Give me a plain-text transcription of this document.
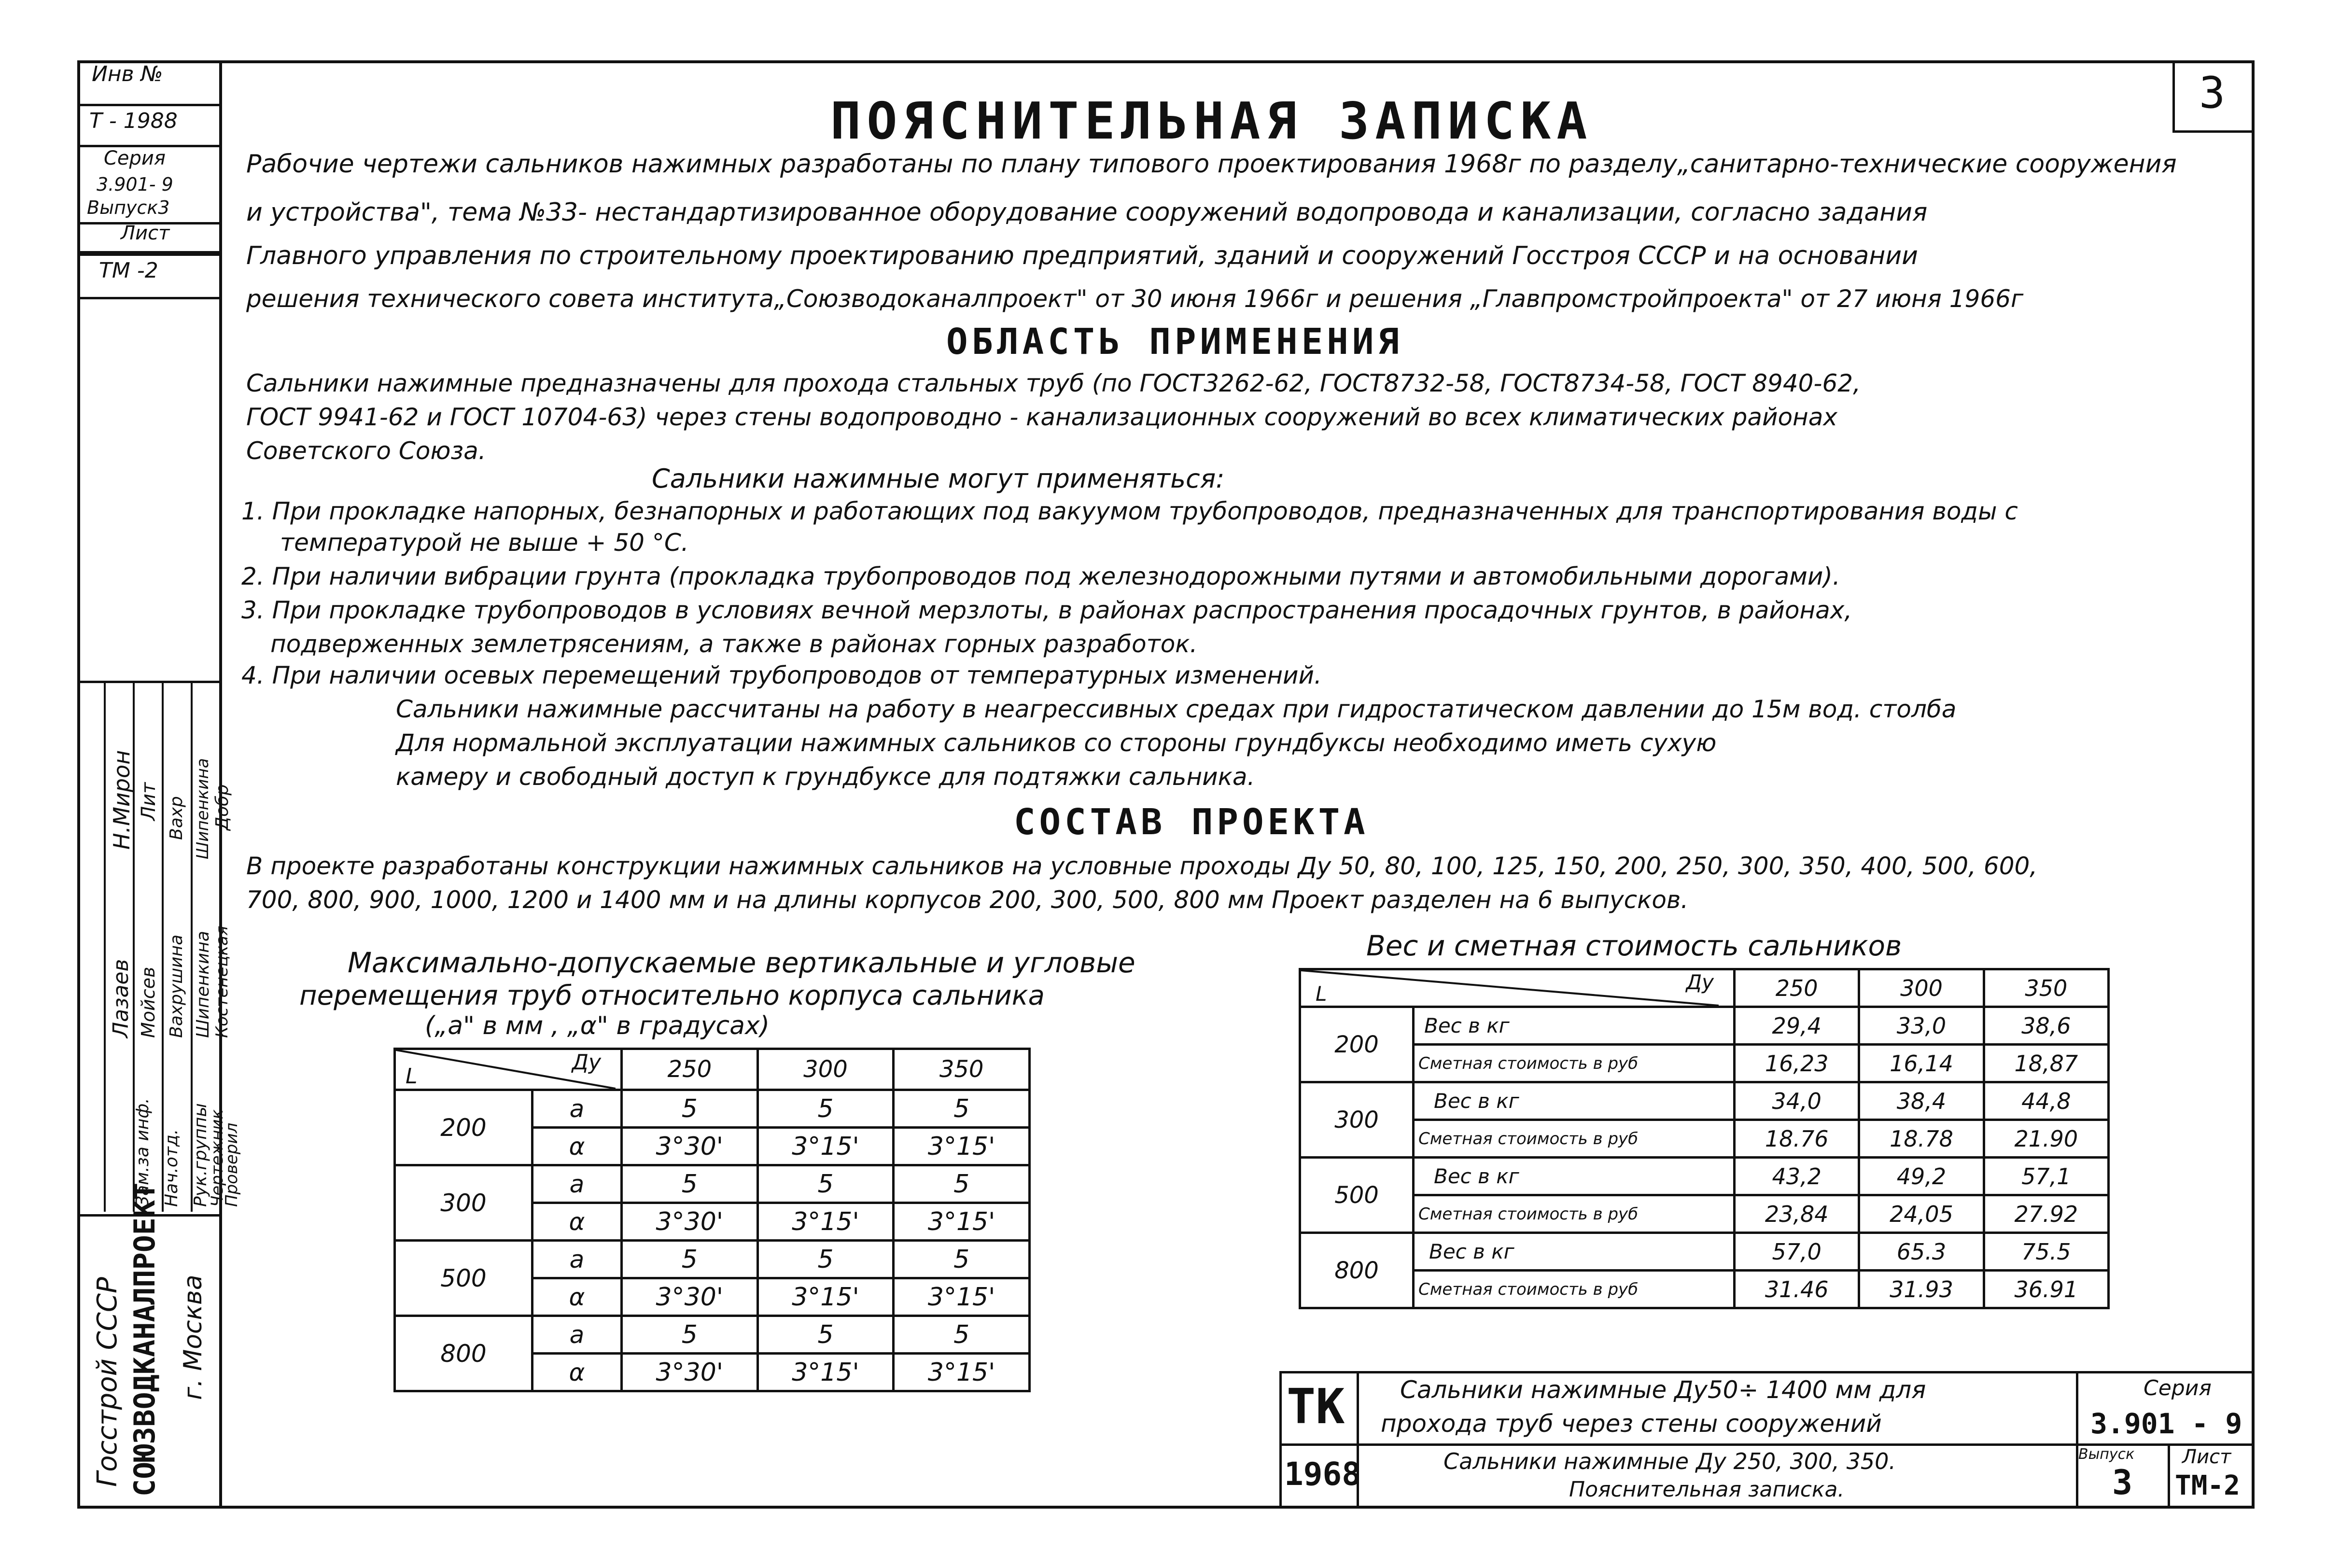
Инв №
Т - 1988
Серия
3.901- 9
Выпуск3
Лист
ТМ -2
Зам.за инф. Нач.отд. Рук.группы
Чертежник
Проверил
Лазаев Мойсев Вахрушина Шипенкина Костенецкая
Н.Мирон Лит Вахр Шипенкина Добр
Госстрой СССР СОЮЗВОДКАНАЛПРОЕКТ г. Москва
3
ПОЯСНИТЕЛЬНАЯ ЗАПИСКА
Рабочие чертежи сальников нажимных разработаны по плану типового проектирования 1968г по разделу„санитарно-технические сооружения
и устройства", тема №33- нестандартизированное оборудование сооружений водопровода и канализации, согласно задания
Главного управления по строительному проектированию предприятий, зданий и сооружений Госстроя СССР и на основании
решения технического совета института„Союзводоканалпроект" от 30 июня 1966г и решения „Главпромстройпроекта" от 27 июня 1966г
ОБЛАСТЬ ПРИМЕНЕНИЯ
Сальники нажимные предназначены для прохода стальных труб (по ГОСТ3262-62, ГОСТ8732-58, ГОСТ8734-58, ГОСТ 8940-62,
ГОСТ 9941-62 и ГОСТ 10704-63) через стены водопроводно - канализационных сооружений во всех климатических районах
Советского Союза.
Сальники нажимные могут применяться:
1. При прокладке напорных, безнапорных и работающих под вакуумом трубопроводов, предназначенных для транспортирования воды с
температурой не выше + 50 °С.
2. При наличии вибрации грунта (прокладка трубопроводов под железнодорожными путями и автомобильными дорогами).
3. При прокладке трубопроводов в условиях вечной мерзлоты, в районах распространения просадочных грунтов, в районах,
подверженных землетрясениям, а также в районах горных разработок.
4. При наличии осевых перемещений трубопроводов от температурных изменений.
Сальники нажимные рассчитаны на работу в неагрессивных средах при гидростатическом давлении до 15м вод. столба
Для нормальной эксплуатации нажимных сальников со стороны грундбуксы необходимо иметь сухую
камеру и свободный доступ к грундбуксе для подтяжки сальника.
СОСТАВ ПРОЕКТА
В проекте разработаны конструкции нажимных сальников на условные проходы Ду 50, 80, 100, 125, 150, 200, 250, 300, 350, 400, 500, 600,
700, 800, 900, 1000, 1200 и 1400 мм и на длины корпусов 200, 300, 500, 800 мм Проект разделен на 6 выпусков.
Максимально-допускаемые вертикальные и угловые
перемещения труб относительно корпуса сальника
(„а" в мм , „α" в градусах)
Ду
L		250	300	350
200	а	5	5	5
	α	3°30'	3°15'	3°15'
300	а	5	5	5
	α	3°30'	3°15'	3°15'
500	а	5	5	5
	α	3°30'	3°15'	3°15'
800	а	5	5	5
	α	3°30'	3°15'	3°15'
Вес и сметная стоимость сальников
Ду
L		250	300	350
200	Вес в кг	29,4	33,0	38,6
	Сметная стоимость в руб	16,23	16,14	18,87
300	Вес в кг	34,0	38,4	44,8
	Сметная стоимость в руб	18.76	18.78	21.90
500	Вес в кг	43,2	49,2	57,1
	Сметная стоимость в руб	23,84	24,05	27.92
800	Вес в кг	57,0	65.3	75.5
	Сметная стоимость в руб	31.46	31.93	36.91
ТК
1968
Сальники нажимные Ду50÷ 1400 мм для
прохода труб через стены сооружений
Сальники нажимные Ду 250, 300, 350.
Пояснительная записка.
Серия
3.901 - 9
Выпуск
3
Лист
ТМ-2
